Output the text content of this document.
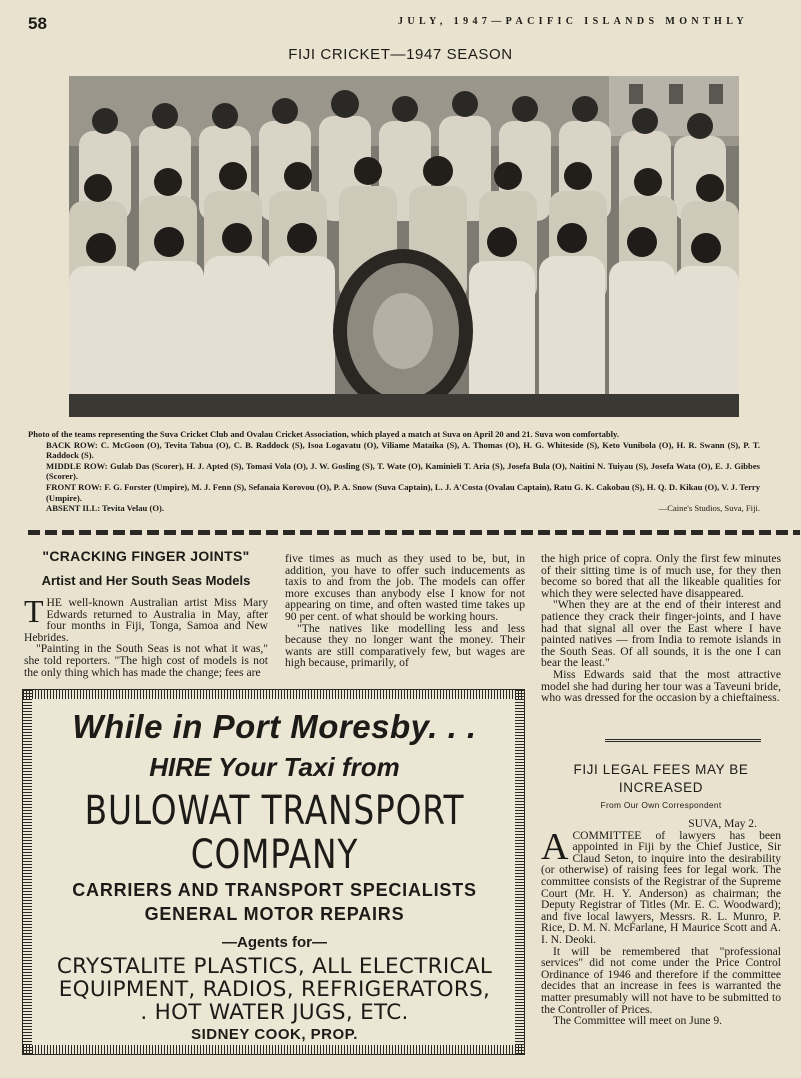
58	JULY, 1947—PACIFIC ISLANDS MONTHLY
FIJI CRICKET—1947 SEASON
Photo of the teams representing the Suva Cricket Club and Ovalau Cricket Association, which played a match at Suva on April 20 and 21. Suva won comfortably.
BACK ROW: C. McGoon (O), Tevita Tabua (O), C. B. Raddock (S), Isoa Logavatu (O), Viliame Mataika (S), A. Thomas (O), H. G. Whiteside (S), Keto Vunibola (O), H. R. Swann (S), P. T. Raddock (S).
MIDDLE ROW: Gulab Das (Scorer), H. J. Apted (S), Tomasi Vola (O), J. W. Gosling (S), T. Wate (O), Kaminieli T. Aria (S), Josefa Bula (O), Naitini N. Tuiyau (S), Josefa Wata (O), E. J. Gibbes (Scorer).
FRONT ROW: F. G. Forster (Umpire), M. J. Fenn (S), Sefanaia Korovou (O), P. A. Snow (Suva Captain), L. J. A'Costa (Ovalau Captain), Ratu G. K. Cakobau (S), H. Q. D. Kikau (O), V. J. Terry (Umpire).
ABSENT ILL: Tevita Velau (O).	—Caine's Studios, Suva, Fiji.
"CRACKING FINGER JOINTS"
Artist and Her South Seas Models

THE well-known Australian artist Miss Mary Edwards returned to Australia in May, after four months in Fiji, Tonga, Samoa and New Hebrides.

"Painting in the South Seas is not what it was," she told reporters. "The high cost of models is not the only thing which has made the change; fees are

five times as much as they used to be, but, in addition, you have to offer such inducements as taxis to and from the job. The models can offer more excuses than anybody else I know for not appearing on time, and often wasted time takes up 90 per cent. of what should be working hours.

"The natives like modelling less and less because they no longer want the money. Their wants are still comparatively few, but wages are high because, primarily, of

the high price of copra. Only the first few minutes of their sitting time is of much use, for they then become so bored that all the likeable qualities for which they were selected have disappeared.

"When they are at the end of their interest and patience they crack their finger-joints, and I have had that signal all over the East where I have painted natives — from India to remote islands in the South Seas. Of all sounds, it is the one I can bear the least."

Miss Edwards said that the most attractive model she had during her tour was a Taveuni bride, who was dressed for the occasion by a chieftainess.

While in Port Moresby. . .
HIRE Your Taxi from
BULOWAT TRANSPORT
COMPANY
CARRIERS AND TRANSPORT SPECIALISTS
GENERAL MOTOR REPAIRS
—Agents for—
CRYSTALITE PLASTICS, ALL ELECTRICAL
EQUIPMENT, RADIOS, REFRIGERATORS,
. HOT WATER JUGS, ETC.
SIDNEY COOK, PROP.
FIJI LEGAL FEES MAY BE INCREASED
From Our Own Correspondent

SUVA, May 2.

ACOMMITTEE of lawyers has been appointed in Fiji by the Chief Justice, Sir Claud Seton, to inquire into the desirability (or otherwise) of raising fees for legal work. The committee consists of the Registrar of the Supreme Court (Mr. H. Y. Anderson) as chairman; the Deputy Registrar of Titles (Mr. E. C. Woodward); and five local lawyers, Messrs. R. L. Munro, P. Rice, D. M. N. McFarlane, H Maurice Scott and A. I. N. Deoki.

It will be remembered that "professional services" did not come under the Price Control Ordinance of 1946 and therefore if the committee decides that an increase in fees is warranted the matter presumably will not have to be submitted to the Controller of Prices.

The Committee will meet on June 9.
